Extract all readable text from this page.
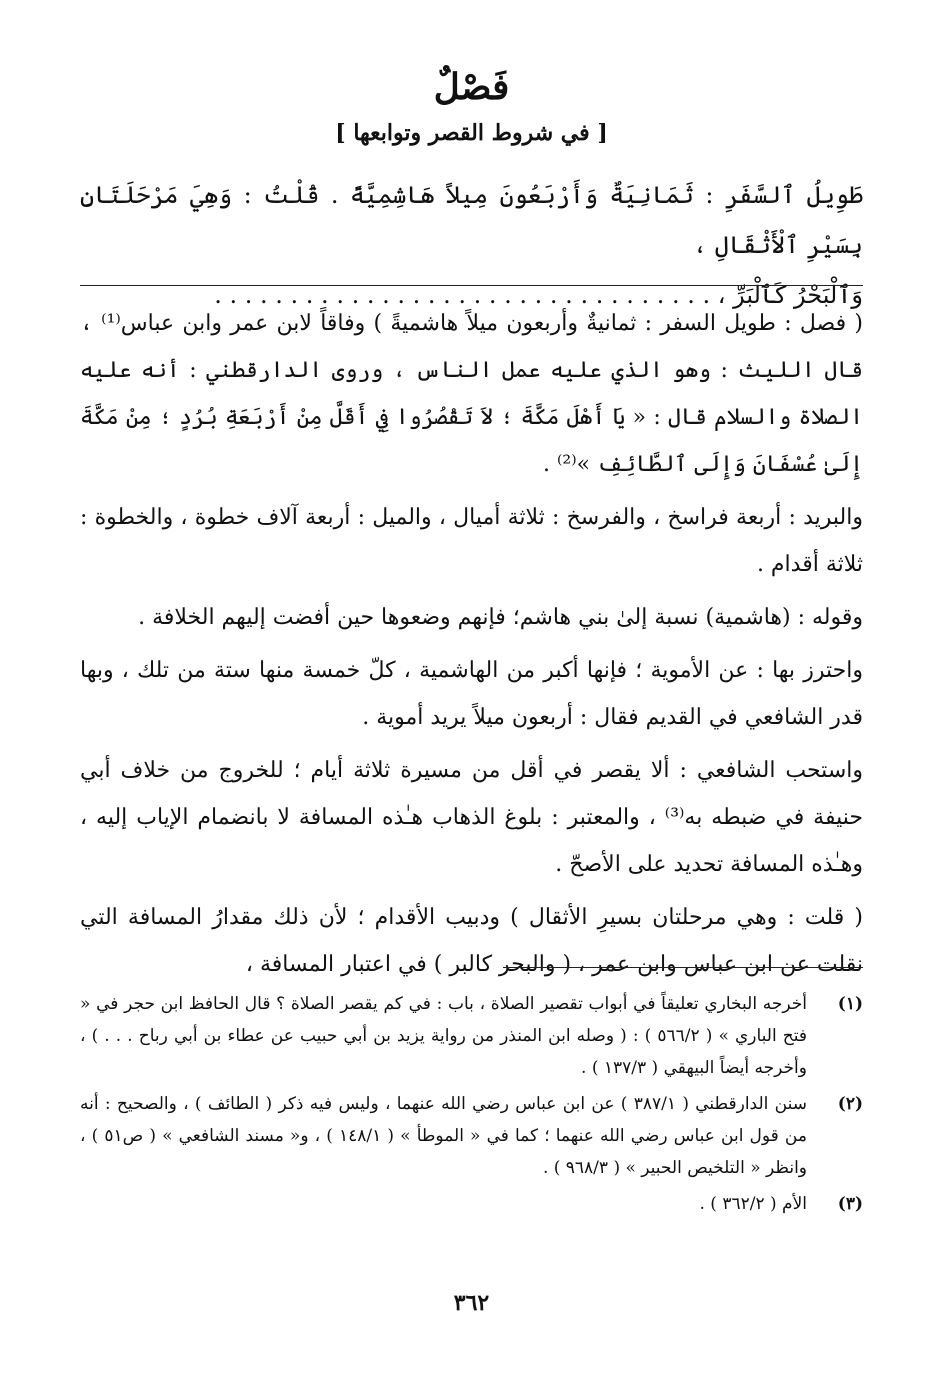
فَصْلٌ
[ في شروط القصر وتوابعها ]
طَوِيلُ ٱلسَّفَرِ : ثَمَانِيَةٌ وَأَرْبَعُونَ مِيلاً هَاشِمِيَّةً . قُلْتُ : وَهِيَ مَرْحَلَتَانِ بِسَيْرِ ٱلْأَثْقَالِ ،
وَٱلْبَحْرُ كَٱلْبَرِّ ، . . . . . . . . . . . . . . . . . . . . . . . . . . . . . . . . .

( فصل : طويل السفر : ثمانيةٌ وأربعون ميلاً هاشميةً ) وفاقاً لابن عمر وابن عباس⁽¹⁾ ، قال الليث : وهو الذي عليه عمل الناس ، وروى الدارقطني : أنه عليه الصلاة والسلام قال : « يَا أَهْلَ مَكَّةَ ؛ لاَ تَقْصُرُوا فِي أَقَلَّ مِنْ أَرْبَعَةِ بُرُدٍ ؛ مِنْ مَكَّةَ إِلَىٰ عُسْفَانَ وَإِلَى ٱلطَّائِفِ »⁽²⁾ .

والبريد : أربعة فراسخ ، والفرسخ : ثلاثة أميال ، والميل : أربعة آلاف خطوة ، والخطوة : ثلاثة أقدام .

وقوله : (هاشمية) نسبة إلىٰ بني هاشم؛ فإنهم وضعوها حين أفضت إليهم الخلافة .

واحترز بها : عن الأموية ؛ فإنها أكبر من الهاشمية ، كلّ خمسة منها ستة من تلك ، وبها قدر الشافعي في القديم فقال : أربعون ميلاً يريد أموية .

واستحب الشافعي : ألا يقصر في أقل من مسيرة ثلاثة أيام ؛ للخروج من خلاف أبي حنيفة في ضبطه به⁽³⁾ ، والمعتبر : بلوغ الذهاب هـٰذه المسافة لا بانضمام الإياب إليه ، وهـٰذه المسافة تحديد على الأصحّ .

( قلت : وهي مرحلتان بسيرِ الأثقال ) ودبيب الأقدام ؛ لأن ذلك مقدارُ المسافة التي نقلت عن ابن عباس وابن عمر ، ( والبحر كالبر ) في اعتبار المسافة ،

(١)
أخرجه البخاري تعليقاً في أبواب تقصير الصلاة ، باب : في كم يقصر الصلاة ؟ قال الحافظ ابن حجر في « فتح الباري » ( ٥٦٦/٢ ) : ( وصله ابن المنذر من رواية يزيد بن أبي حبيب عن عطاء بن أبي رباح . . . ) ، وأخرجه أيضاً البيهقي ( ١٣٧/٣ ) .
(٢)
سنن الدارقطني ( ٣٨٧/١ ) عن ابن عباس رضي الله عنهما ، وليس فيه ذكر ( الطائف ) ، والصحيح : أنه من قول ابن عباس رضي الله عنهما ؛ كما في « الموطأ » ( ١٤٨/١ ) ، و« مسند الشافعي » ( ص٥١ ) ، وانظر « التلخيص الحبير » ( ٩٦٨/٣ ) .
(٣)
الأم ( ٣٦٢/٢ ) .
٣٦٢
